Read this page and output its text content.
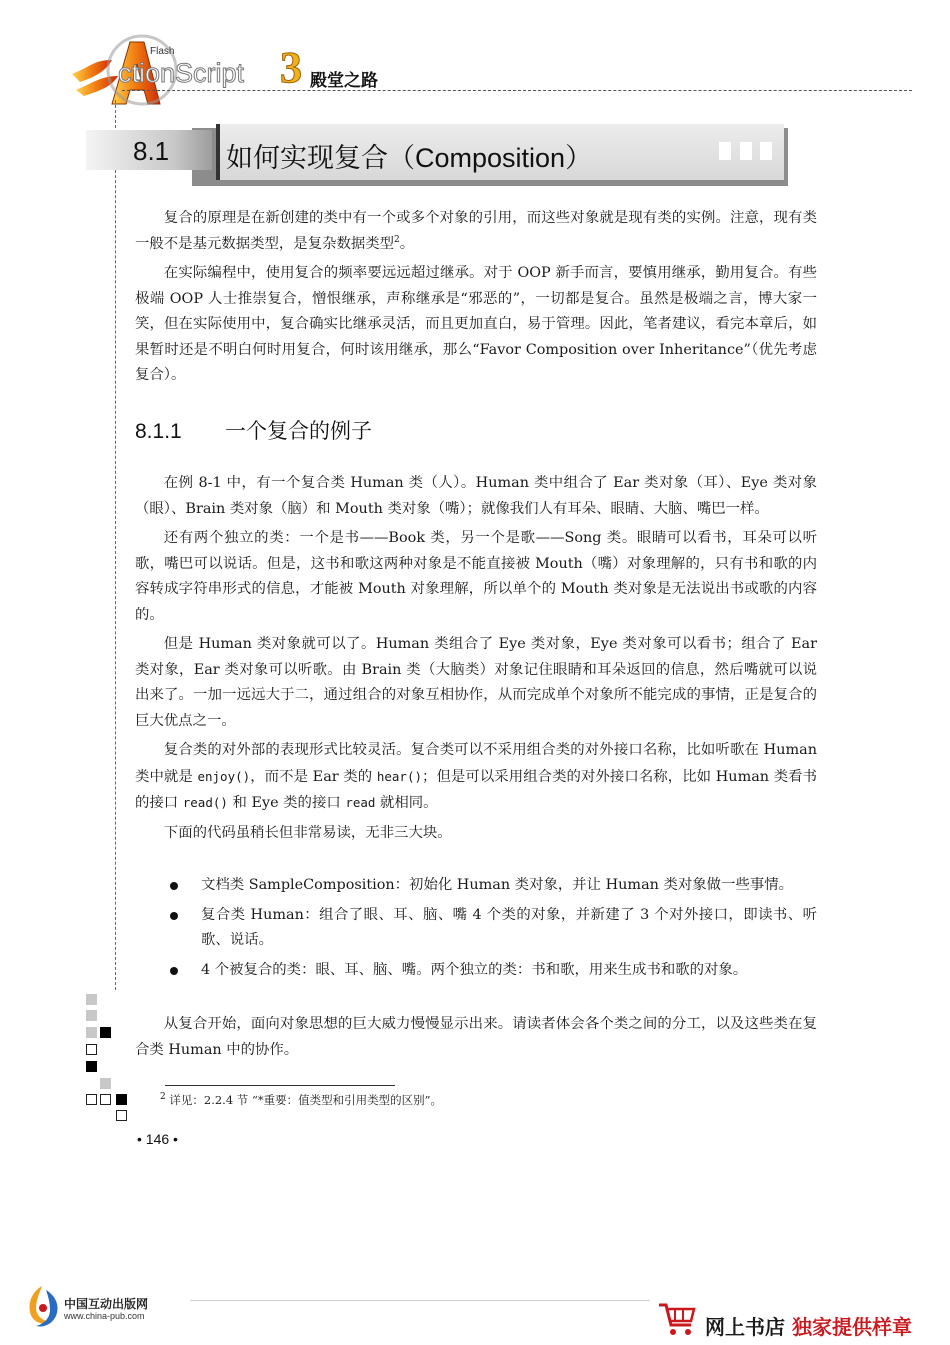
Flash
ctionScript 3 殿堂之路
8.1 如何实现复合（Composition）

复合的原理是在新创建的类中有一个或多个对象的引用，而这些对象就是现有类的实例。注意，现有类一般不是基元数据类型，是复杂数据类型$^2$。

在实际编程中，使用复合的频率要远远超过继承。对于 OOP 新手而言，要慎用继承，勤用复合。有些极端 OOP 人士推崇复合，憎恨继承，声称继承是“邪恶的”，一切都是复合。虽然是极端之言，博大家一笑，但在实际使用中，复合确实比继承灵活，而且更加直白，易于管理。因此，笔者建议，看完本章后，如果暂时还是不明白何时用复合，何时该用继承，那么“Favor Composition over Inheritance”（优先考虑复合）。

8.1.1 一个复合的例子

在例 8-1 中，有一个复合类 Human 类（人）。Human 类中组合了 Ear 类对象（耳）、Eye 类对象（眼）、Brain 类对象（脑）和 Mouth 类对象（嘴）；就像我们人有耳朵、眼睛、大脑、嘴巴一样。

还有两个独立的类：一个是书——Book 类，另一个是歌——Song 类。眼睛可以看书，耳朵可以听歌，嘴巴可以说话。但是，这书和歌这两种对象是不能直接被 Mouth（嘴）对象理解的，只有书和歌的内容转成字符串形式的信息，才能被 Mouth 对象理解，所以单个的 Mouth 类对象是无法说出书或歌的内容的。

但是 Human 类对象就可以了。Human 类组合了 Eye 类对象，Eye 类对象可以看书；组合了 Ear 类对象，Ear 类对象可以听歌。由 Brain 类（大脑类）对象记住眼睛和耳朵返回的信息，然后嘴就可以说出来了。一加一远远大于二，通过组合的对象互相协作，从而完成单个对象所不能完成的事情，正是复合的巨大优点之一。

复合类的对外部的表现形式比较灵活。复合类可以不采用组合类的对外接口名称，比如听歌在 Human 类中就是 enjoy()，而不是 Ear 类的 hear()；但是可以采用组合类的对外接口名称，比如 Human 类看书的接口 read() 和 Eye 类的接口 read 就相同。

下面的代码虽稍长但非常易读，无非三大块。

文档类 SampleComposition：初始化 Human 类对象，并让 Human 类对象做一些事情。
复合类 Human：组合了眼、耳、脑、嘴 4 个类的对象，并新建了 3 个对外接口，即读书、听歌、说话。
4 个被复合的类：眼、耳、脑、嘴。两个独立的类：书和歌，用来生成书和歌的对象。

从复合开始，面向对象思想的巨大威力慢慢显示出来。请读者体会各个类之间的分工，以及这些类在复合类 Human 中的协作。

$^2$ 详见：2.2.4 节 “*重要：值类型和引用类型的区别”。
• 146 •
中国互动出版网
www.china-pub.com	网上书店 独家提供样章
